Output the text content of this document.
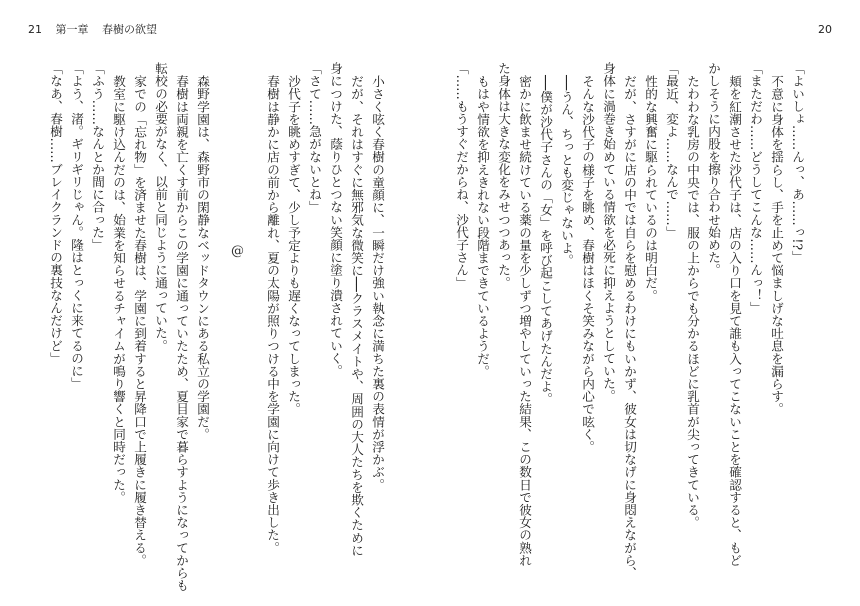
21 第一章 春樹の欲望	20
「よいしょ……んっ、あ……っ!?」
不意に身体を揺らし、手を止めて悩ましげな吐息を漏らす。
「まただわ……どうしてこんな……んっ！」
頬を紅潮させた沙代子は、店の入り口を見て誰も入ってこないことを確認すると、もど
かしそうに内股を擦り合わせ始めた。
たわわな乳房の中央では、服の上からでも分かるほどに乳首が尖ってきている。
「最近、変よ……なんで……」
性的な興奮に駆られているのは明白だ。
だが、さすがに店の中では自らを慰めるわけにもいかず、彼女は切なげに身悶えながら、
身体に渦巻き始めている情欲を必死に抑えようとしていた。
そんな沙代子の様子を眺め、春樹はほくそ笑みながら内心で呟く。
──うん、ちっとも変じゃないよ。
──僕が沙代子さんの「女」を呼び起こしてあげたんだよ。
密かに飲ませ続けている薬の量を少しずつ増やしていった結果、この数日で彼女の熟れ
た身体は大きな変化をみせつつあった。
もはや情欲を抑えきれない段階まできているようだ。
「……もうすぐだからね、沙代子さん」
小さく呟く春樹の童顔に、一瞬だけ強い執念に満ちた裏の表情が浮かぶ。
だが、それはすぐに無邪気な微笑に──クラスメイトや、周囲の大人たちを欺くために
身につけた、蔭りひとつない笑顔に塗り潰されていく。
「さて……急がないとね」
沙代子を眺めすぎて、少し予定よりも遅くなってしまった。
春樹は静かに店の前から離れ、夏の太陽が照りつける中を学園に向けて歩き出した。
@
森野学園は、森野市の閑静なベッドタウンにある私立の学園だ。
春樹は両親を亡くす前からこの学園に通っていたため、夏目家で暮らすようになってからも
転校の必要がなく、以前と同じように通っていた。
家での「忘れ物」を済ませた春樹は、学園に到着すると昇降口で上履きに履き替える。
教室に駆け込んだのは、始業を知らせるチャイムが鳴り響くと同時だった。
「ふう……なんとか間に合った」
「よう、渚。ギリギリじゃん。隆はとっくに来てるのに」
「なあ、春樹……ブレイクランドの裏技なんだけど」
